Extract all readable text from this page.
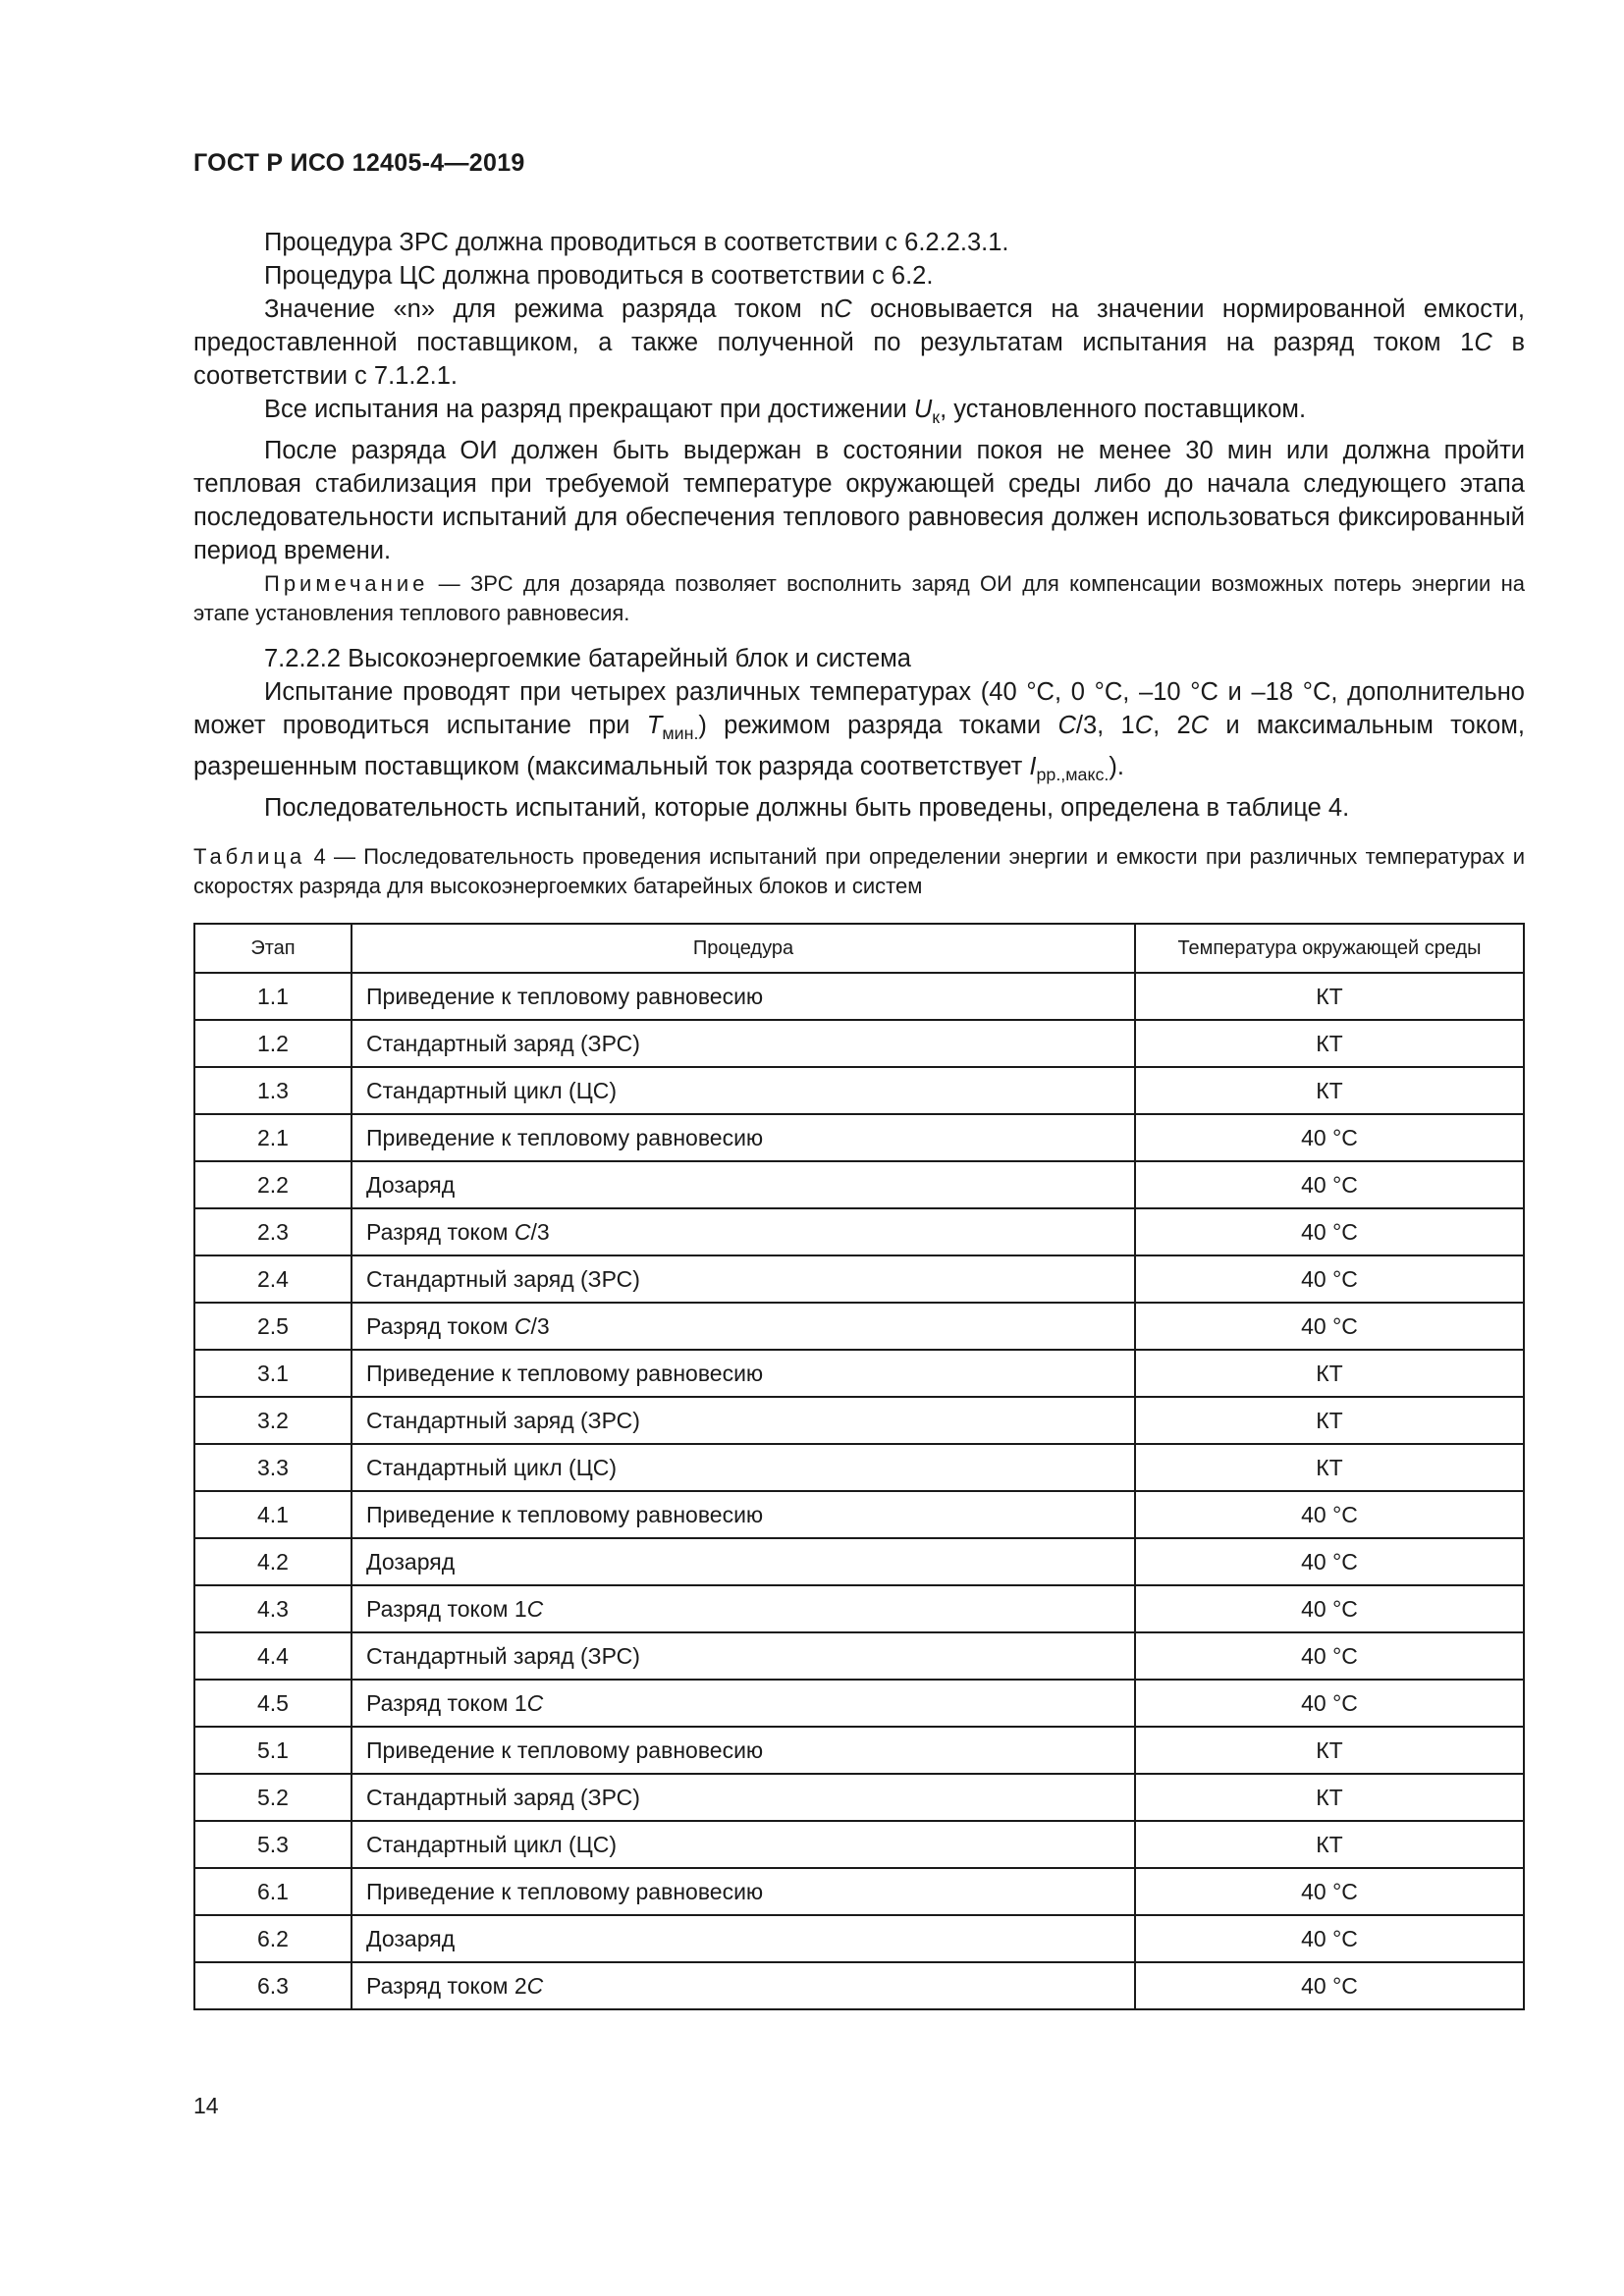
ГОСТ Р ИСО 12405-4—2019

Процедура ЗРС должна проводиться в соответствии с 6.2.2.3.1.

Процедура ЦС должна проводиться в соответствии с 6.2.

Значение «n» для режима разряда током nC основывается на значении нормированной емкости, предоставленной поставщиком, а также полученной по результатам испытания на разряд током 1C в соответствии с 7.1.2.1.

Все испытания на разряд прекращают при достижении $U_к$, установленного поставщиком.

После разряда ОИ должен быть выдержан в состоянии покоя не менее 30 мин или должна пройти тепловая стабилизация при требуемой температуре окружающей среды либо до начала следующего этапа последовательности испытаний для обеспечения теплового равновесия должен использоваться фиксированный период времени.

Примечание — ЗРС для дозаряда позволяет восполнить заряд ОИ для компенсации возможных потерь энергии на этапе установления теплового равновесия.

7.2.2.2 Высокоэнергоемкие батарейный блок и система

Испытание проводят при четырех различных температурах (40 °С, 0 °С, –10 °С и –18 °С, дополнительно может проводиться испытание при $T_{мин.}$) режимом разряда токами C/3, 1C, 2C и максимальным током, разрешенным поставщиком (максимальный ток разряда соответствует $I_{рр.,макс.}$).

Последовательность испытаний, которые должны быть проведены, определена в таблице 4.

Таблица 4 — Последовательность проведения испытаний при определении энергии и емкости при различных температурах и скоростях разряда для высокоэнергоемких батарейных блоков и систем
Этап	Процедура	Температура окружающей среды
1.1	Приведение к тепловому равновесию	КТ
1.2	Стандартный заряд (ЗРС)	КТ
1.3	Стандартный цикл (ЦС)	КТ
2.1	Приведение к тепловому равновесию	40 °С
2.2	Дозаряд	40 °С
2.3	Разряд током C/3	40 °С
2.4	Стандартный заряд (ЗРС)	40 °С
2.5	Разряд током C/3	40 °С
3.1	Приведение к тепловому равновесию	КТ
3.2	Стандартный заряд (ЗРС)	КТ
3.3	Стандартный цикл (ЦС)	КТ
4.1	Приведение к тепловому равновесию	40 °С
4.2	Дозаряд	40 °С
4.3	Разряд током 1C	40 °С
4.4	Стандартный заряд (ЗРС)	40 °С
4.5	Разряд током 1C	40 °С
5.1	Приведение к тепловому равновесию	КТ
5.2	Стандартный заряд (ЗРС)	КТ
5.3	Стандартный цикл (ЦС)	КТ
6.1	Приведение к тепловому равновесию	40 °С
6.2	Дозаряд	40 °С
6.3	Разряд током 2C	40 °С
14
